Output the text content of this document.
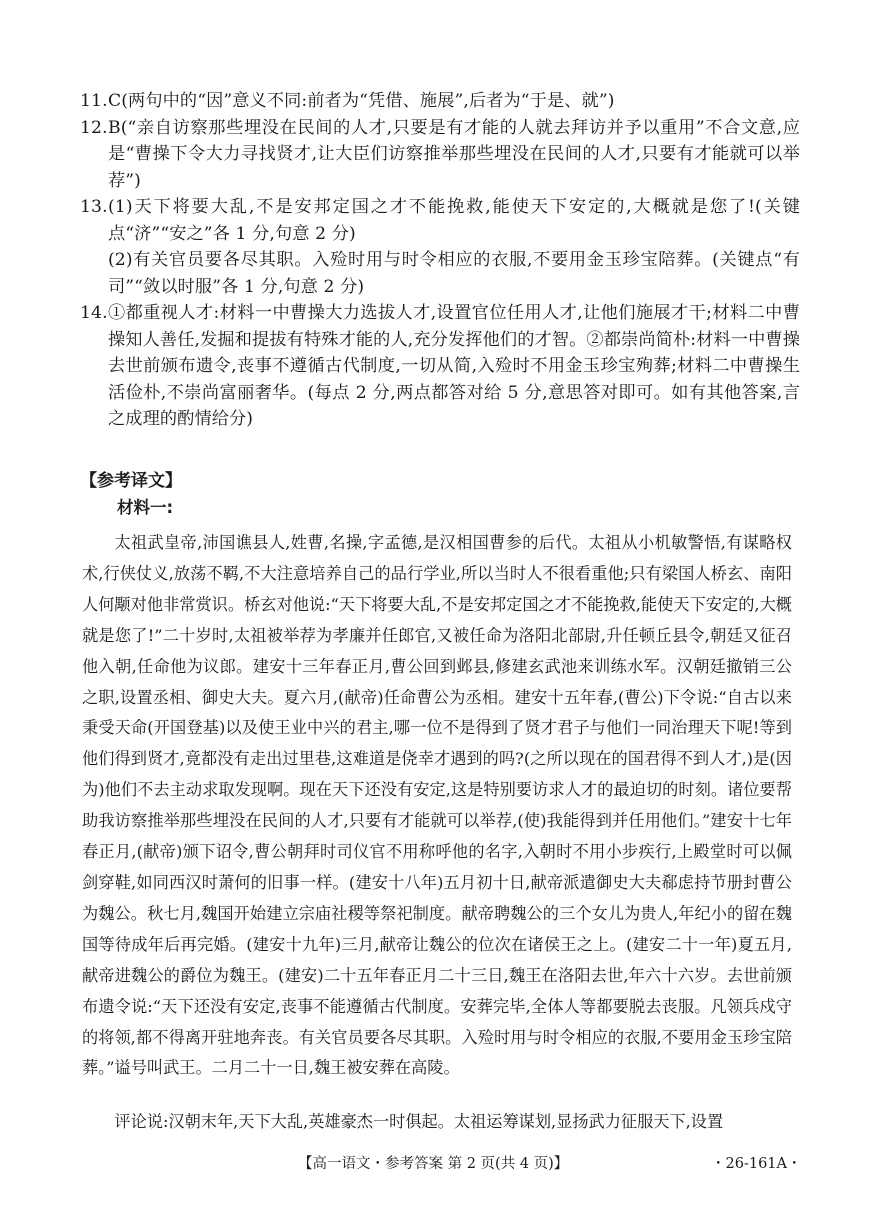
11. C(两句中的“因”意义不同:前者为“凭借、施展”,后者为“于是、就”)
12. B(“亲自访察那些埋没在民间的人才,只要是有才能的人就去拜访并予以重用”不合文意,应是“曹操下令大力寻找贤才,让大臣们访察推举那些埋没在民间的人才,只要有才能就可以举荐”)
13. (1)天下将要大乱,不是安邦定国之才不能挽救,能使天下安定的,大概就是您了!(关键点“济”“安之”各 1 分,句意 2 分)

(2)有关官员要各尽其职。入殓时用与时令相应的衣服,不要用金玉珍宝陪葬。(关键点“有司”“敛以时服”各 1 分,句意 2 分)

14. ①都重视人才:材料一中曹操大力选拔人才,设置官位任用人才,让他们施展才干;材料二中曹操知人善任,发掘和提拔有特殊才能的人,充分发挥他们的才智。②都崇尚简朴:材料一中曹操去世前颁布遗令,丧事不遵循古代制度,一切从简,入殓时不用金玉珍宝殉葬;材料二中曹操生活俭朴,不崇尚富丽奢华。(每点 2 分,两点都答对给 5 分,意思答对即可。如有其他答案,言之成理的酌情给分)
【参考译文】
材料一:

太祖武皇帝,沛国谯县人,姓曹,名操,字孟德,是汉相国曹参的后代。太祖从小机敏警悟,有谋略权术,行侠仗义,放荡不羁,不大注意培养自己的品行学业,所以当时人不很看重他;只有梁国人桥玄、南阳人何颙对他非常赏识。桥玄对他说:“天下将要大乱,不是安邦定国之才不能挽救,能使天下安定的,大概就是您了!”二十岁时,太祖被举荐为孝廉并任郎官,又被任命为洛阳北部尉,升任顿丘县令,朝廷又征召他入朝,任命他为议郎。建安十三年春正月,曹公回到邺县,修建玄武池来训练水军。汉朝廷撤销三公之职,设置丞相、御史大夫。夏六月,(献帝)任命曹公为丞相。建安十五年春,(曹公)下令说:“自古以来秉受天命(开国登基)以及使王业中兴的君主,哪一位不是得到了贤才君子与他们一同治理天下呢!等到他们得到贤才,竟都没有走出过里巷,这难道是侥幸才遇到的吗?(之所以现在的国君得不到人才,)是(因为)他们不去主动求取发现啊。现在天下还没有安定,这是特别要访求人才的最迫切的时刻。诸位要帮助我访察推举那些埋没在民间的人才,只要有才能就可以举荐,(使)我能得到并任用他们。”建安十七年春正月,(献帝)颁下诏令,曹公朝拜时司仪官不用称呼他的名字,入朝时不用小步疾行,上殿堂时可以佩剑穿鞋,如同西汉时萧何的旧事一样。(建安十八年)五月初十日,献帝派遣御史大夫郗虑持节册封曹公为魏公。秋七月,魏国开始建立宗庙社稷等祭祀制度。献帝聘魏公的三个女儿为贵人,年纪小的留在魏国等待成年后再完婚。(建安十九年)三月,献帝让魏公的位次在诸侯王之上。(建安二十一年)夏五月,献帝进魏公的爵位为魏王。(建安)二十五年春正月二十三日,魏王在洛阳去世,年六十六岁。去世前颁布遗令说:“天下还没有安定,丧事不能遵循古代制度。安葬完毕,全体人等都要脱去丧服。凡领兵戍守的将领,都不得离开驻地奔丧。有关官员要各尽其职。入殓时用与时令相应的衣服,不要用金玉珍宝陪葬。”谥号叫武王。二月二十一日,魏王被安葬在高陵。

评论说:汉朝末年,天下大乱,英雄豪杰一时俱起。太祖运筹谋划,显扬武力征服天下,设置

【高一语文・参考答案 第 2 页(共 4 页)】	・26-161A・
